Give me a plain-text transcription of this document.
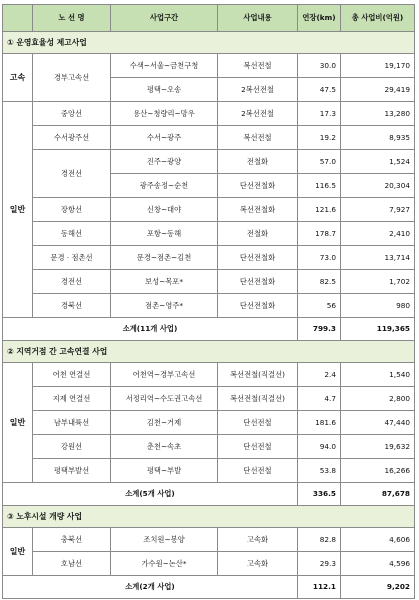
	노 선 명	사업구간	사업내용	연장(km)	총 사업비(억원)
① 운영효율성 제고사업					
고속	경부고속선	수색~서울~금천구청	복선전철	30.0	19,170
		평택~오송	2복선전철	47.5	29,419
일반	중앙선	용산~청량리~망우	2복선전철	17.3	13,280
	수서광주선	수서~광주	복선전철	19.2	8,935
	경전선	진주~광양	전철화	57.0	1,524
		광주송정~순천	단선전철화	116.5	20,304
	장항선	신창~대야	복선전철화	121.6	7,927
	동해선	포항~동해	전철화	178.7	2,410
	문경 · 점촌선	문경~점촌~김천	단선전철화	73.0	13,714
	경전선	보성~목포*	단선전철화	82.5	1,702
	경북선	점촌~영주*	단선전철화	56	980
소계(11개 사업)				799.3	119,365
② 지역거점 간 고속연결 사업					
일반	어천 연결선	어천역~경부고속선	복선전철(직결선)	2.4	1,540
	지제 연결선	서정리역~수도권고속선	복선전철(직결선)	4.7	2,800
	남부내륙선	김천~거제	단선전철	181.6	47,440
	강원선	춘천~속초	단선전철	94.0	19,632
	평택부발선	평택~부발	단선전철	53.8	16,266
소계(5개 사업)				336.5	87,678
③ 노후시설 개량 사업					
일반	충북선	조치원~봉양	고속화	82.8	4,606
	호남선	가수원~논산*	고속화	29.3	4,596
소계(2개 사업)				112.1	9,202
